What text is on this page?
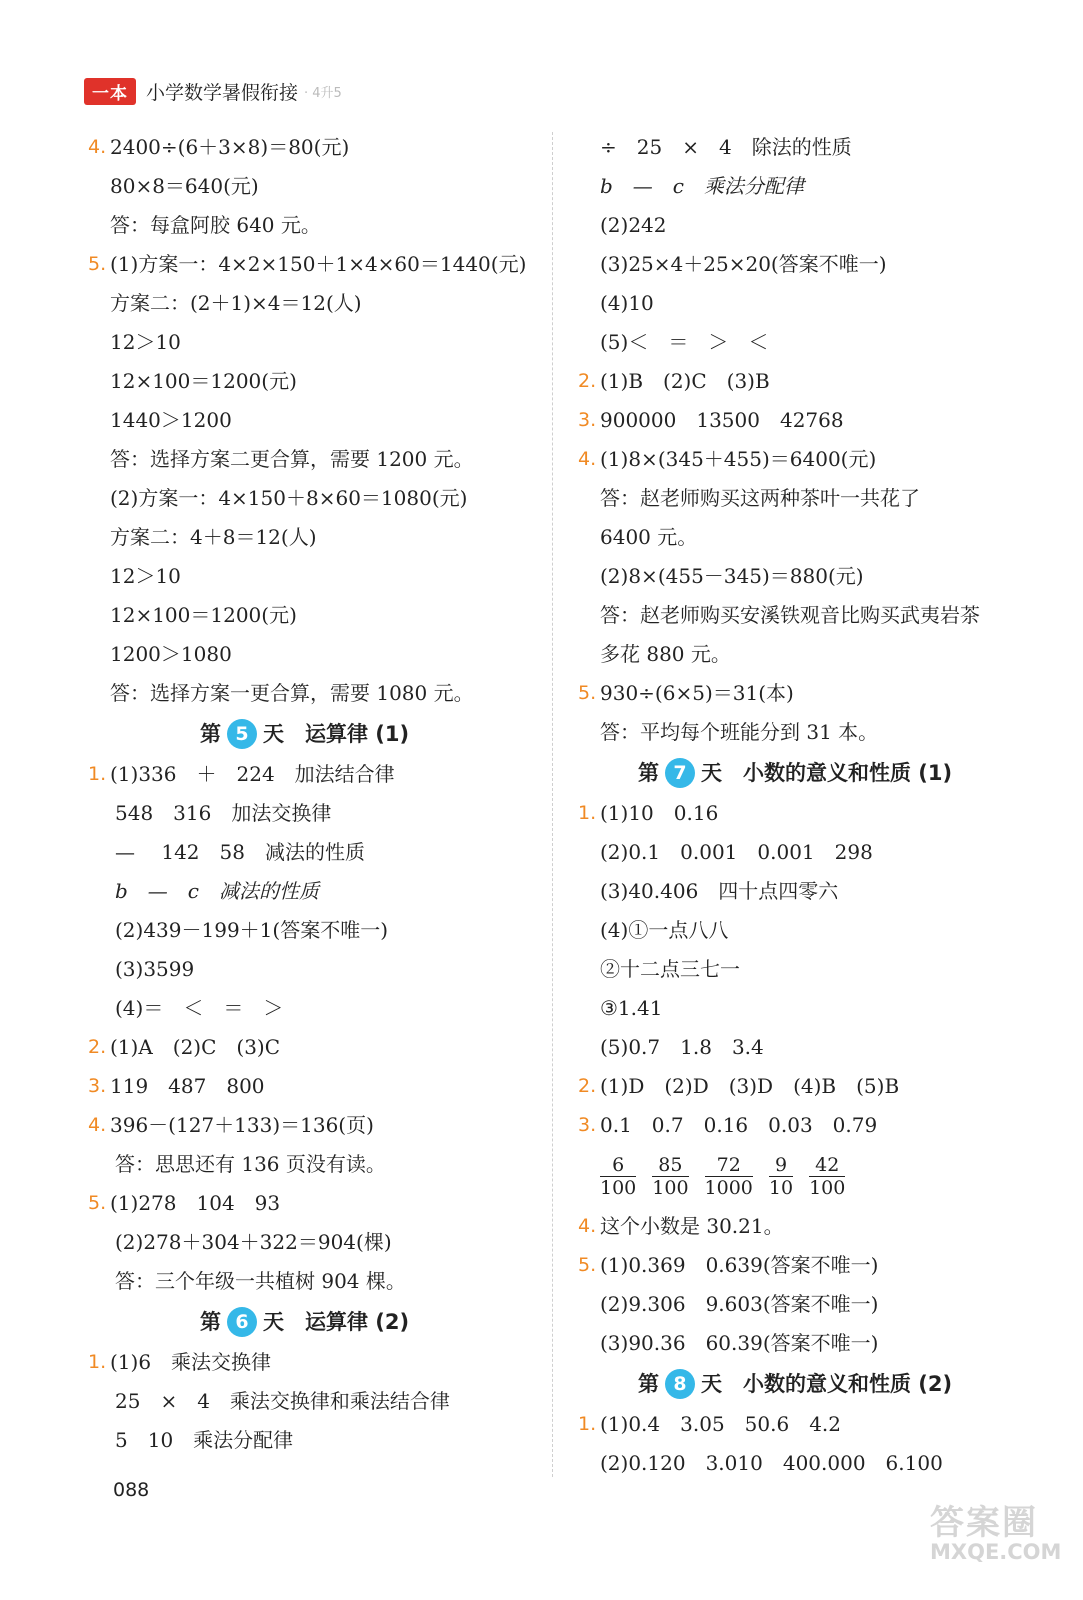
一本 小学数学暑假衔接 · 4升5
4. 2400÷(6＋3×8)＝80(元)
80×8＝640(元)
答：每盒阿胶 640 元。
5. (1)方案一：4×2×150＋1×4×60＝1440(元)
方案二：(2＋1)×4＝12(人)
12＞10
12×100＝1200(元)
1440＞1200
答：选择方案二更合算，需要 1200 元。
(2)方案一：4×150＋8×60＝1080(元)
方案二：4＋8＝12(人)
12＞10
12×100＝1200(元)
1200＞1080
答：选择方案一更合算，需要 1080 元。
第 5 天　运算律 (1)
1. (1)336　＋　224　加法结合律
548　316　加法交换律
—　 142　58　减法的性质
b　—　c　减法的性质
(2)439－199＋1(答案不唯一)
(3)3599
(4)＝　＜　＝　＞
2. (1)A　(2)C　(3)C
3. 119　487　800
4. 396－(127＋133)＝136(页)
答：思思还有 136 页没有读。
5. (1)278　104　93
(2)278＋304＋322＝904(棵)
答：三个年级一共植树 904 棵。
第 6 天　运算律 (2)
1. (1)6　乘法交换律
25　×　4　乘法交换律和乘法结合律
5　10　乘法分配律
÷　25　×　4　除法的性质
b　—　c　乘法分配律
(2)242
(3)25×4＋25×20(答案不唯一)
(4)10
(5)＜　＝　＞　＜
2. (1)B　(2)C　(3)B
3. 900000　13500　42768
4. (1)8×(345＋455)＝6400(元)
答：赵老师购买这两种茶叶一共花了
6400 元。
(2)8×(455－345)＝880(元)
答：赵老师购买安溪铁观音比购买武夷岩茶
多花 880 元。
5. 930÷(6×5)＝31(本)
答：平均每个班能分到 31 本。
第 7 天　小数的意义和性质 (1)
1. (1)10　0.16
(2)0.1　0.001　0.001　298
(3)40.406　四十点四零六
(4)①一点八八
②十二点三七一
③1.41
(5)0.7　1.8　3.4
2. (1)D　(2)D　(3)D　(4)B　(5)B
3. 0.1　0.7　0.16　0.03　0.79
$\frac{6}{100} \frac{85}{100} \frac{72}{1000} \frac{9}{10} \frac{42}{100}$
4. 这个小数是 30.21。
5. (1)0.369　0.639(答案不唯一)
(2)9.306　9.603(答案不唯一)
(3)90.36　60.39(答案不唯一)
第 8 天　小数的意义和性质 (2)
1. (1)0.4　3.05　50.6　4.2
(2)0.120　3.010　400.000　6.100
088
答案圈
MXQE.COM
